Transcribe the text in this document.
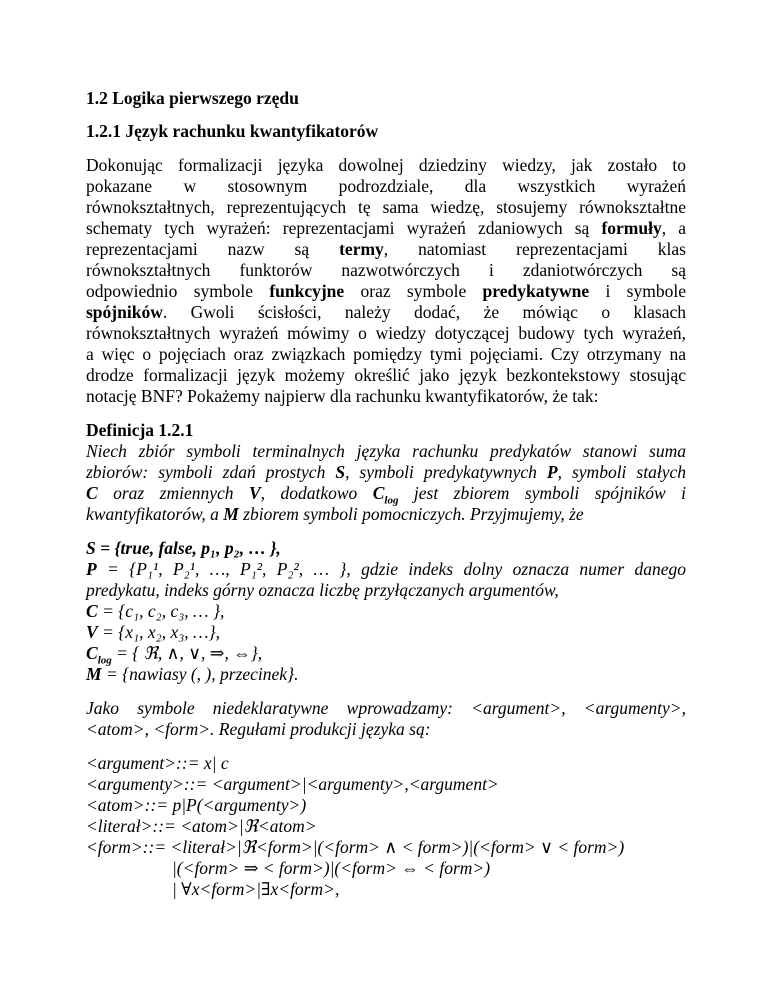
1.2 Logika pierwszego rzędu
1.2.1 Język rachunku kwantyfikatorów
Dokonując formalizacji języka dowolnej dziedziny wiedzy, jak zostało to
pokazane w stosownym podrozdziale, dla wszystkich wyrażeń
równokształtnych, reprezentujących tę sama wiedzę, stosujemy równokształtne
schematy tych wyrażeń: reprezentacjami wyrażeń zdaniowych są formuły, a
reprezentacjami nazw są termy, natomiast reprezentacjami klas
równokształtnych funktorów nazwotwórczych i zdaniotwórczych są
odpowiednio symbole funkcyjne oraz symbole predykatywne i symbole
spójników. Gwoli ścisłości, należy dodać, że mówiąc o klasach
równokształtnych wyrażeń mówimy o wiedzy dotyczącej budowy tych wyrażeń,
a więc o pojęciach oraz związkach pomiędzy tymi pojęciami. Czy otrzymany na
drodze formalizacji język możemy określić jako język bezkontekstowy stosując
notację BNF? Pokażemy najpierw dla rachunku kwantyfikatorów, że tak:
Definicja 1.2.1
Niech zbiór symboli terminalnych języka rachunku predykatów stanowi suma
zbiorów: symboli zdań prostych S, symboli predykatywnych P, symboli stałych
C oraz zmiennych V, dodatkowo $C_{log}$ jest zbiorem symboli spójników i
kwantyfikatorów, a M zbiorem symboli pomocniczych. Przyjmujemy, że
S = {true, false, p₁, p₂, … },
P = {P₁¹, P₂¹, …, P₁², P₂², … }, gdzie indeks dolny oznacza numer danego
predykatu, indeks górny oznacza liczbę przyłączanych argumentów,
C = {c₁, c₂, c₃, … },
V = {x₁, x₂, x₃, …},
$C_{log}$ = { ℜ, ∧, ∨, ⇒, ⇔},
M = {nawiasy (, ), przecinek}.
Jako symbole niedeklaratywne wprowadzamy: <argument>, <argumenty>,
<atom>, <form>. Regułami produkcji języka są:
<argument>::= x| c
<argumenty>::= <argument>|<argumenty>,<argument>
<atom>::= p|P(<argumenty>)
<literał>::= <atom>|ℜ<atom>
<form>::= <literał>|ℜ<form>|(<form> ∧ < form>)|(<form> ∨ < form>)
|(<form> ⇒ < form>)|(<form> ⇔ < form>)
| ∀x<form>|∃x<form>,
